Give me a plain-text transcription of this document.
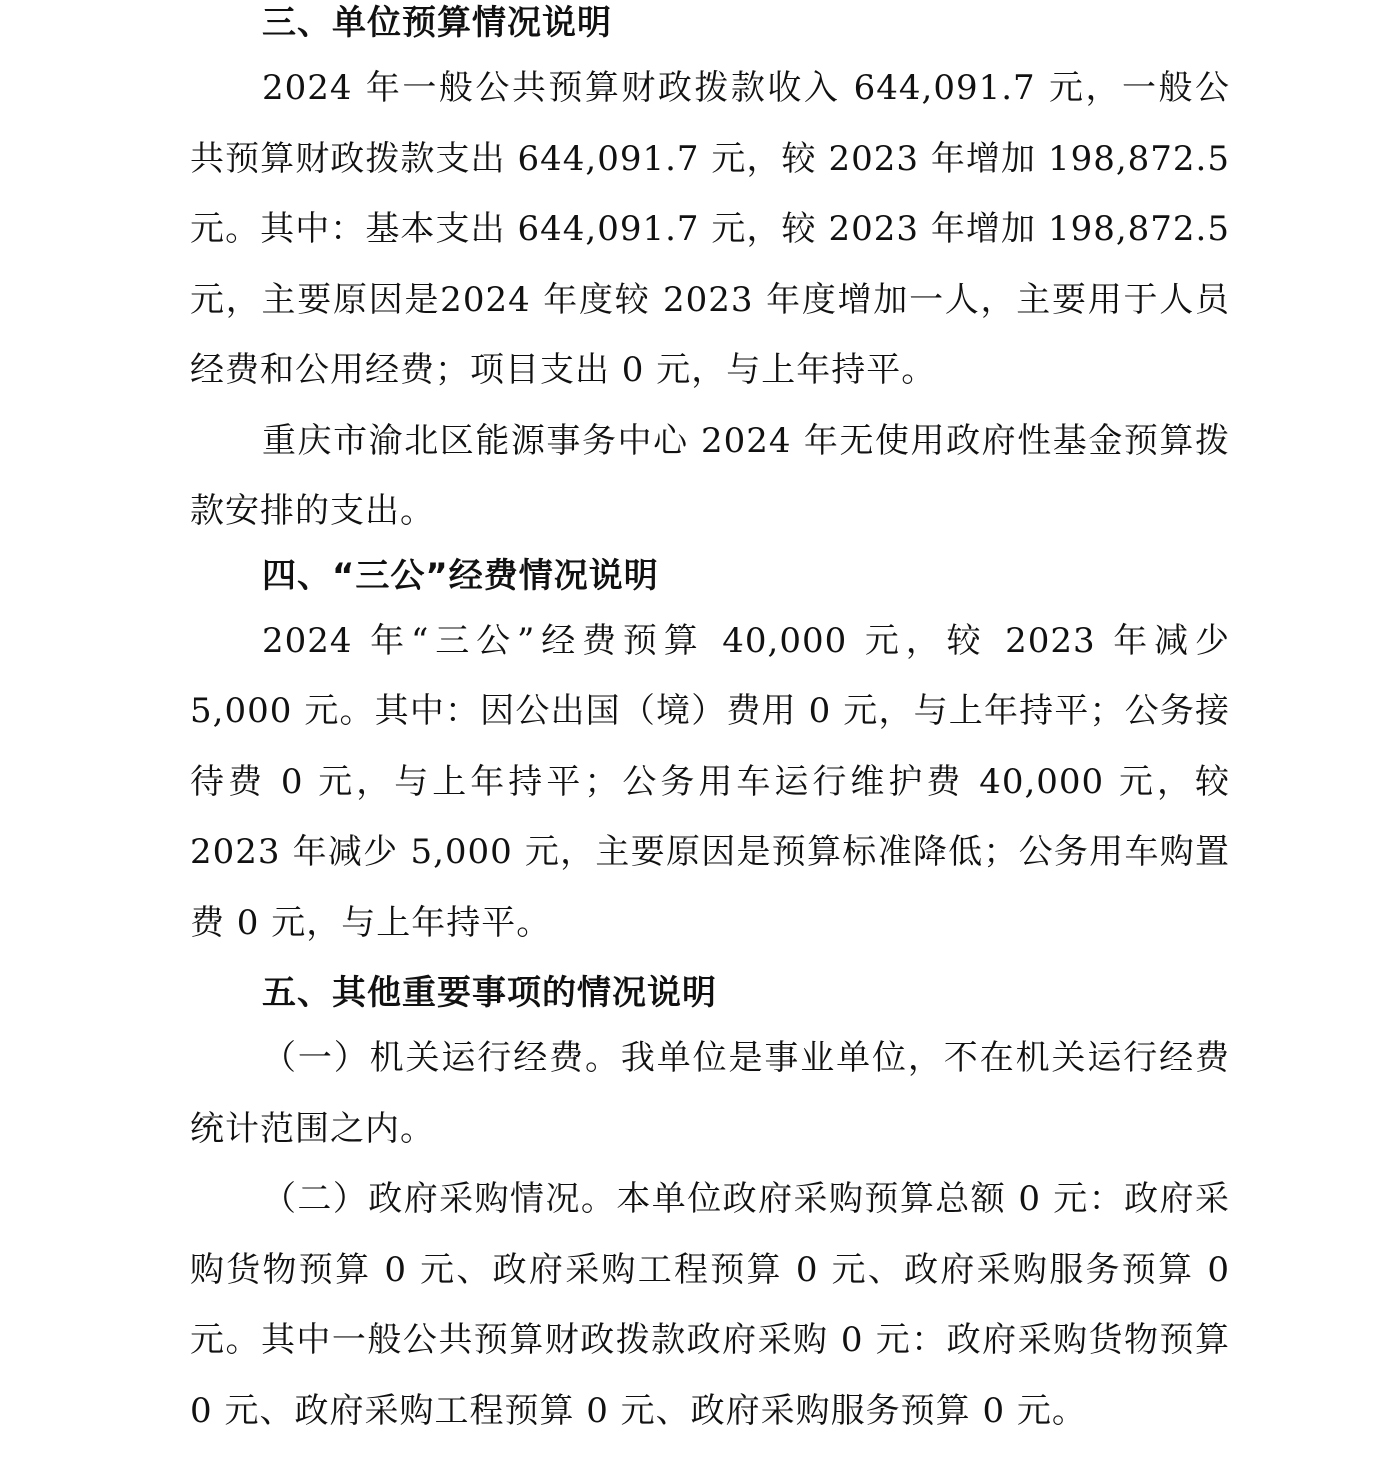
三、单位预算情况说明

2024 年一般公共预算财政拨款收入 644,091.7 元，一般公共预算财政拨款支出 644,091.7 元，较 2023 年增加 198,872.5 元。其中：基本支出 644,091.7 元，较 2023 年增加 198,872.5 元，主要原因是2024 年度较 2023 年度增加一人，主要用于人员经费和公用经费；项目支出 0 元，与上年持平。

重庆市渝北区能源事务中心 2024 年无使用政府性基金预算拨款安排的支出。

四、“三公”经费情况说明

2024 年“三公”经费预算 40,000 元，较 2023 年减少 5,000 元。其中：因公出国（境）费用 0 元，与上年持平；公务接待费 0 元，与上年持平；公务用车运行维护费 40,000 元，较 2023 年减少 5,000 元，主要原因是预算标准降低；公务用车购置费 0 元，与上年持平。

五、其他重要事项的情况说明

（一）机关运行经费。我单位是事业单位，不在机关运行经费统计范围之内。

（二）政府采购情况。本单位政府采购预算总额 0 元：政府采购货物预算 0 元、政府采购工程预算 0 元、政府采购服务预算 0 元。其中一般公共预算财政拨款政府采购 0 元：政府采购货物预算 0 元、政府采购工程预算 0 元、政府采购服务预算 0 元。
